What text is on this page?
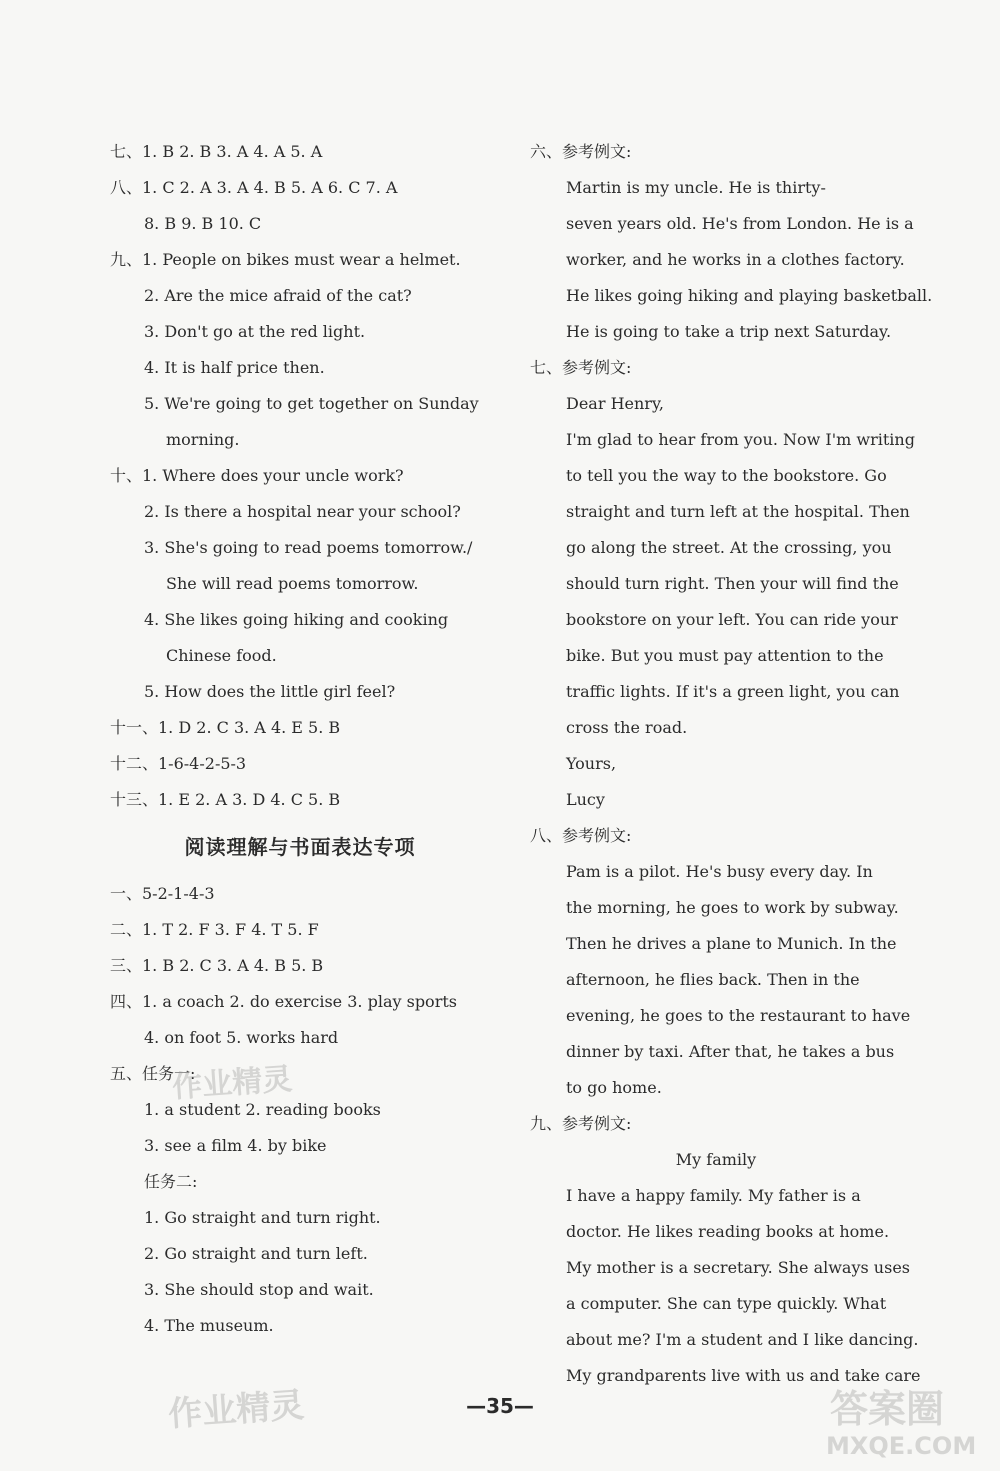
七、1. B 2. B 3. A 4. A 5. A
八、1. C 2. A 3. A 4. B 5. A 6. C 7. A
8. B 9. B 10. C
九、1. People on bikes must wear a helmet.
2. Are the mice afraid of the cat?
3. Don't go at the red light.
4. It is half price then.
5. We're going to get together on Sunday
morning.
十、1. Where does your uncle work?
2. Is there a hospital near your school?
3. She's going to read poems tomorrow./
She will read poems tomorrow.
4. She likes going hiking and cooking
Chinese food.
5. How does the little girl feel?
十一、1. D 2. C 3. A 4. E 5. B
十二、1-6-4-2-5-3
十三、1. E 2. A 3. D 4. C 5. B
阅读理解与书面表达专项
一、5-2-1-4-3
二、1. T 2. F 3. F 4. T 5. F
三、1. B 2. C 3. A 4. B 5. B
四、1. a coach 2. do exercise 3. play sports
4. on foot 5. works hard
五、任务一:
1. a student 2. reading books
3. see a film 4. by bike
任务二:
1. Go straight and turn right.
2. Go straight and turn left.
3. She should stop and wait.
4. The museum.
六、参考例文:
Martin is my uncle. He is thirty-
seven years old. He's from London. He is a
worker, and he works in a clothes factory.
He likes going hiking and playing basketball.
He is going to take a trip next Saturday.
七、参考例文:
Dear Henry,
I'm glad to hear from you. Now I'm writing
to tell you the way to the bookstore. Go
straight and turn left at the hospital. Then
go along the street. At the crossing, you
should turn right. Then your will find the
bookstore on your left. You can ride your
bike. But you must pay attention to the
traffic lights. If it's a green light, you can
cross the road.
Yours,
Lucy
八、参考例文:
Pam is a pilot. He's busy every day. In
the morning, he goes to work by subway.
Then he drives a plane to Munich. In the
afternoon, he flies back. Then in the
evening, he goes to the restaurant to have
dinner by taxi. After that, he takes a bus
to go home.
九、参考例文:
My family
I have a happy family. My father is a
doctor. He likes reading books at home.
My mother is a secretary. She always uses
a computer. She can type quickly. What
about me? I'm a student and I like dancing.
My grandparents live with us and take care
—35—
作业精灵
作业精灵	答案圈
MXQE.COM
